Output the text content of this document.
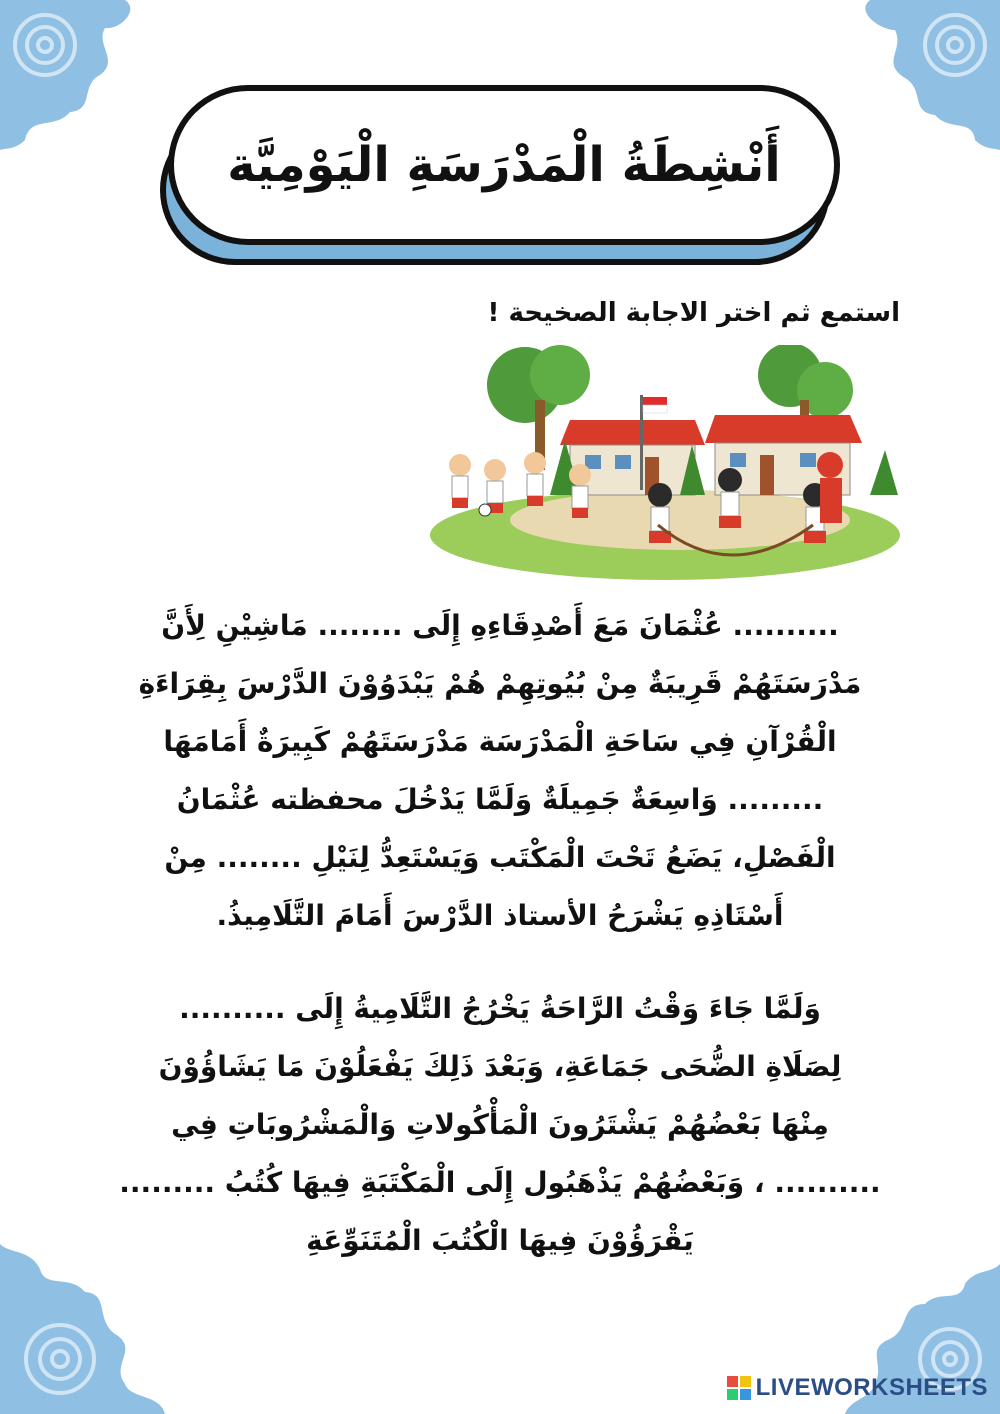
أَنْشِطَةُ الْمَدْرَسَةِ الْيَوْمِيَّة
استمع ثم اختر الاجابة الصخيحة !
.......... عُثْمَانَ مَعَ أَصْدِقَاءِهِ إِلَى ........ مَاشِيْنِ لِأَنَّ
مَدْرَسَتَهُمْ قَرِيبَةٌ مِنْ بُيُوتِهِمْ هُمْ يَبْدَوُوْنَ الدَّرْسَ بِقِرَاءَةِ
الْقُرْآنِ فِي سَاحَةِ الْمَدْرَسَة مَدْرَسَتَهُمْ كَبِيرَةٌ أَمَامَهَا
......... وَاسِعَةٌ جَمِيلَةٌ وَلَمَّا يَدْخُلَ محفظته عُثْمَانُ
الْفَصْلِ، يَضَعُ تَحْتَ الْمَكْتَب وَيَسْتَعِدُّ لِنَيْلِ ........ مِنْ
أَسْتَاذِهِ يَشْرَحُ الأستاذ الدَّرْسَ أَمَامَ التَّلَامِيذُ.
وَلَمَّا جَاءَ وَقْتُ الرَّاحَةُ يَخْرُجُ التَّلَامِيةُ إِلَى ..........
لِصَلَاةِ الضُّحَى جَمَاعَةِ، وَبَعْدَ ذَلِكَ يَفْعَلُوْنَ مَا يَشَاؤُوْنَ
مِنْهَا بَعْضُهُمْ يَشْتَرُونَ الْمَأْكُولاتِ وَالْمَشْرُوبَاتِ فِي
.......... ، وَبَعْضُهُمْ يَذْهَبُول إِلَى الْمَكْتَبَةِ فِيهَا كُتُبُ .........
يَقْرَؤُوْنَ فِيهَا الْكُتُبَ الْمُتَنَوِّعَةِ
LIVEWORKSHEETS
